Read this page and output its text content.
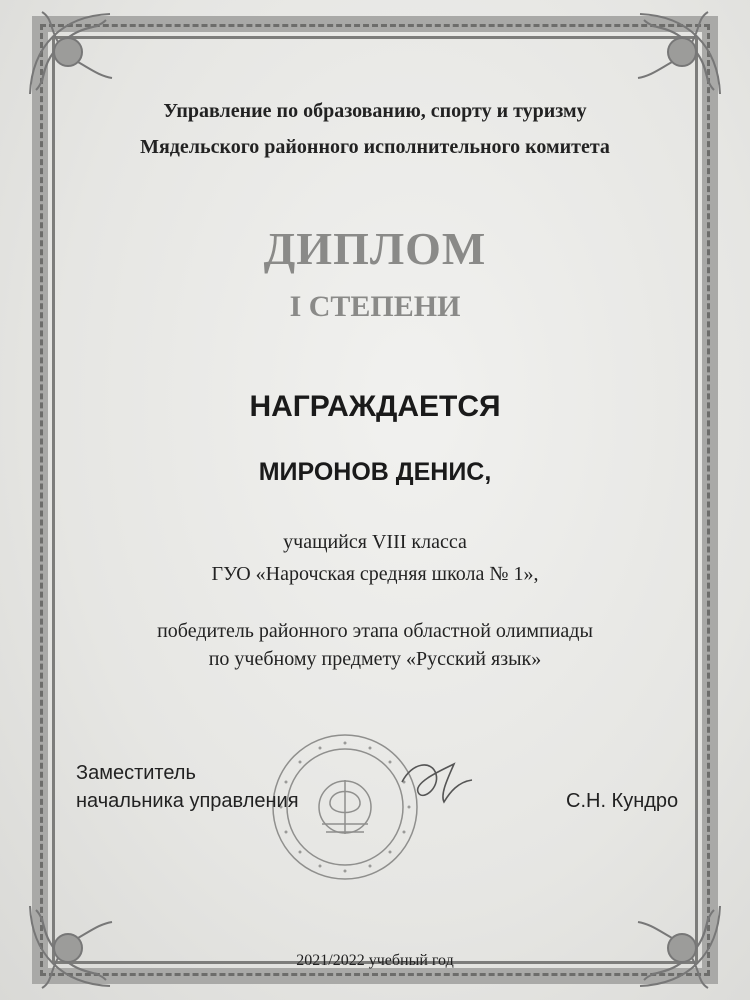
Управление по образованию, спорту и туризму
Мядельского районного исполнительного комитета
ДИПЛОМ
I СТЕПЕНИ
НАГРАЖДАЕТСЯ
МИРОНОВ ДЕНИС,
учащийся VIII класса
ГУО «Нарочская средняя школа № 1»,
победитель районного этапа областной олимпиады
по учебному предмету «Русский язык»
Заместитель
начальника управления	С.Н. Кундро
2021/2022 учебный год
